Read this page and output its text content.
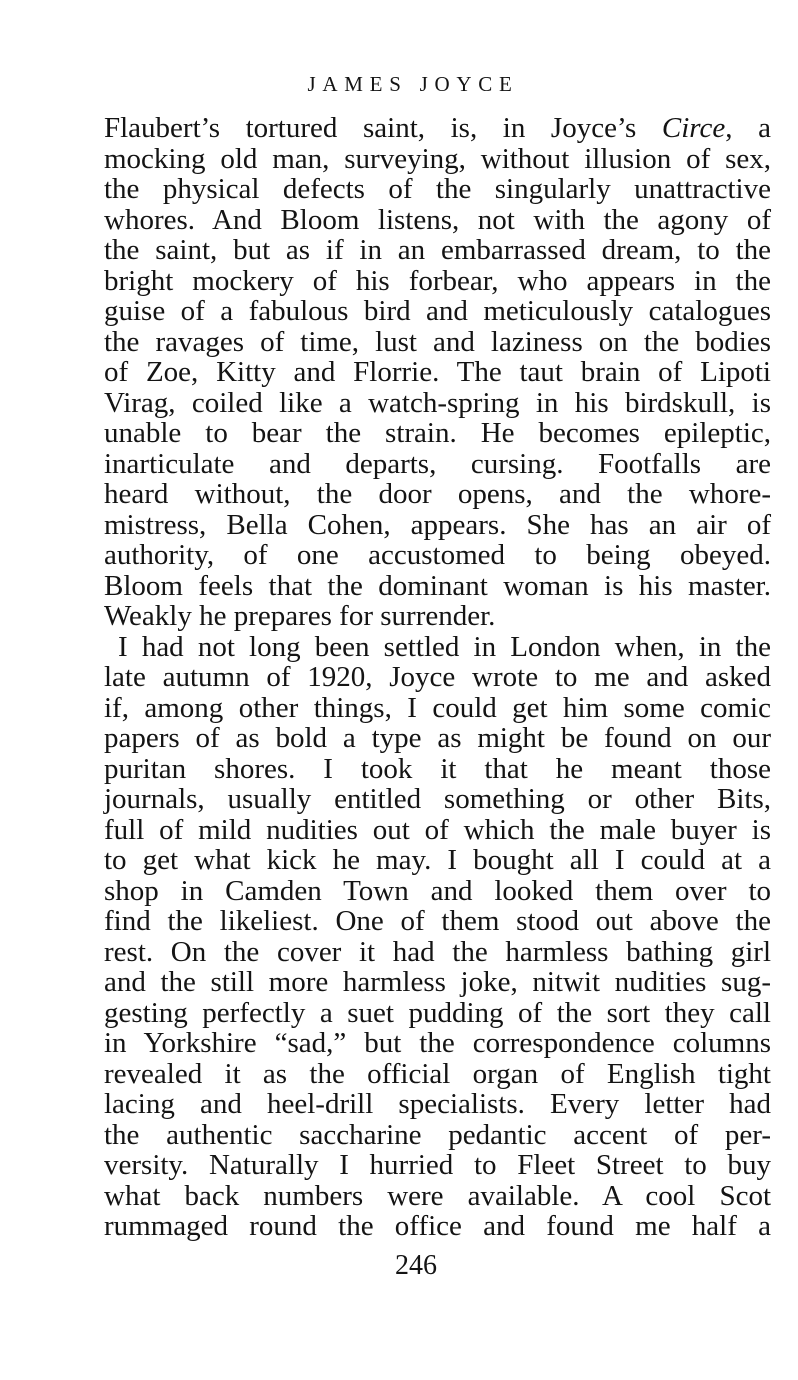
JAMES JOYCE
Flaubert’s tortured saint, is, in Joyce’s Circe, a
mocking old man, surveying, without illusion of sex,
the physical defects of the singularly unattractive
whores. And Bloom listens, not with the agony of
the saint, but as if in an embarrassed dream, to the
bright mockery of his forbear, who appears in the
guise of a fabulous bird and meticulously catalogues
the ravages of time, lust and laziness on the bodies
of Zoe, Kitty and Florrie. The taut brain of Lipoti
Virag, coiled like a watch-spring in his birdskull, is
unable to bear the strain. He becomes epileptic,
inarticulate and departs, cursing. Footfalls are
heard without, the door opens, and the whore-
mistress, Bella Cohen, appears. She has an air of
authority, of one accustomed to being obeyed.
Bloom feels that the dominant woman is his master.
Weakly he prepares for surrender.
I had not long been settled in London when, in the
late autumn of 1920, Joyce wrote to me and asked
if, among other things, I could get him some comic
papers of as bold a type as might be found on our
puritan shores. I took it that he meant those
journals, usually entitled something or other Bits,
full of mild nudities out of which the male buyer is
to get what kick he may. I bought all I could at a
shop in Camden Town and looked them over to
find the likeliest. One of them stood out above the
rest. On the cover it had the harmless bathing girl
and the still more harmless joke, nitwit nudities sug-
gesting perfectly a suet pudding of the sort they call
in Yorkshire “sad,” but the correspondence columns
revealed it as the official organ of English tight
lacing and heel-drill specialists. Every letter had
the authentic saccharine pedantic accent of per-
versity. Naturally I hurried to Fleet Street to buy
what back numbers were available. A cool Scot
rummaged round the office and found me half a
246
